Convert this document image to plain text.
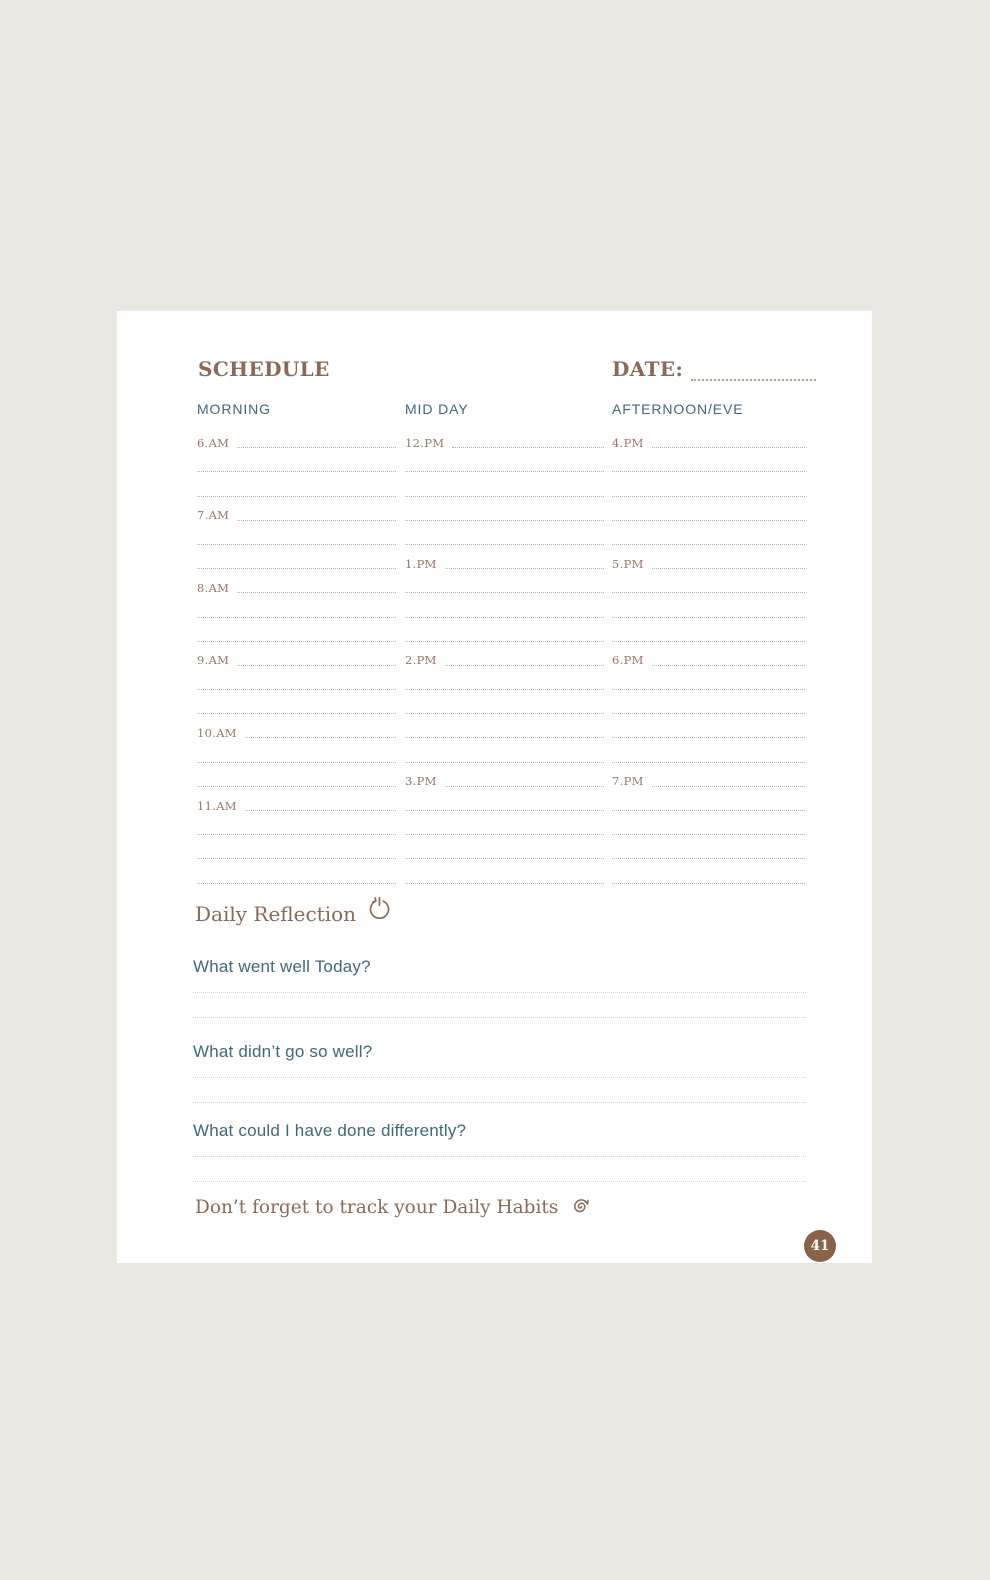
SCHEDULE	DATE:
MORNING
6.AM
7.AM
8.AM
9.AM
10.AM
11.AM
MID DAY
12.PM
1.PM
2.PM
3.PM
AFTERNOON/EVE
4.PM
5.PM
6.PM
7.PM
Daily Reflection
What went well Today?
What didn’t go so well?
What could I have done differently?
Don’t forget to track your Daily Habits
41
